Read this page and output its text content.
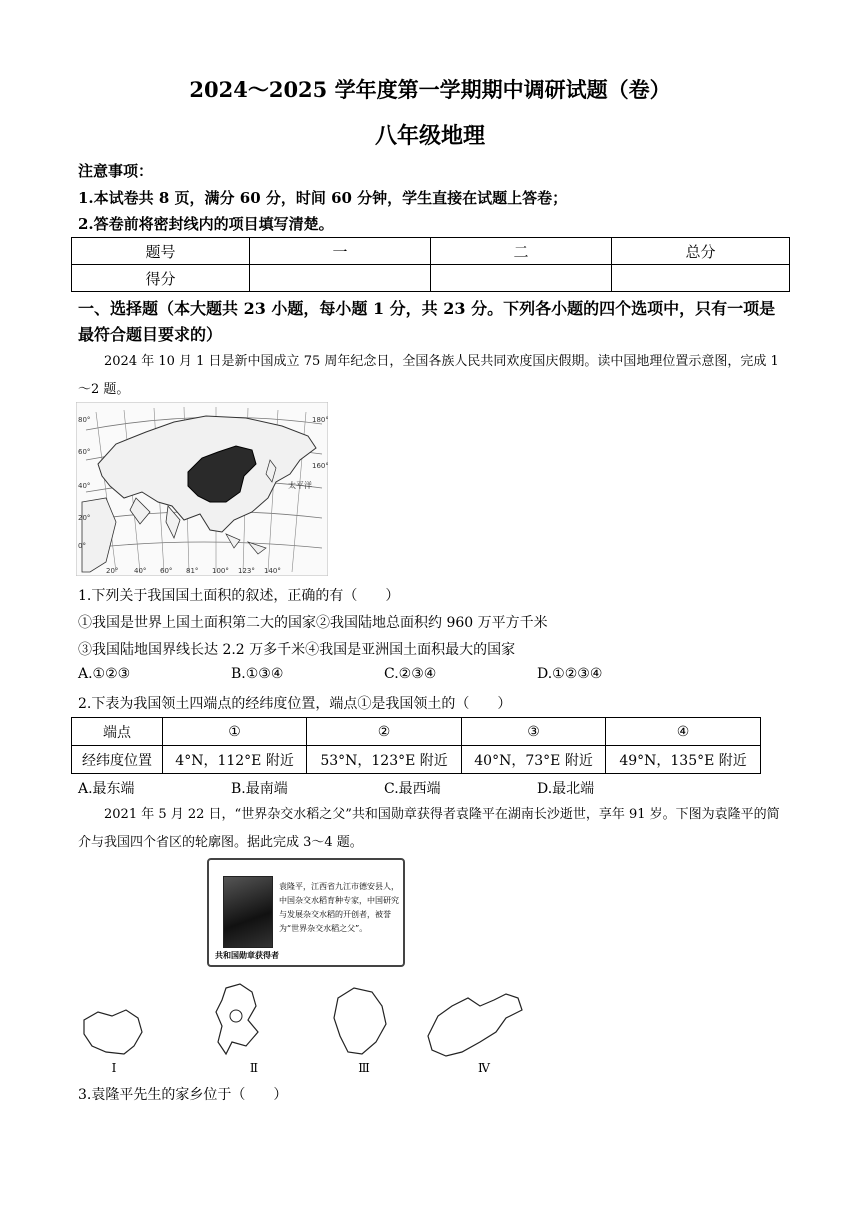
2024～2025 学年度第一学期期中调研试题（卷）
八年级地理
注意事项：
1.本试卷共 8 页，满分 60 分，时间 60 分钟，学生直接在试题上答卷；
2.答卷前将密封线内的项目填写清楚。
题号	一	二	总分
得分			
一、选择题（本大题共 23 小题，每小题 1 分，共 23 分。下列各小题的四个选项中，只有一项是最符合题目要求的）
2024 年 10 月 1 日是新中国成立 75 周年纪念日，全国各族人民共同欢度国庆假期。读中国地理位置示意图，完成 1～2 题。
80°
60°
40°
20°
0°
180°
160°
太平洋
20° 40° 60° 81° 100° 123° 140°
1.下列关于我国国土面积的叙述，正确的有（　　）
①我国是世界上国土面积第二大的国家②我国陆地总面积约 960 万平方千米
③我国陆地国界线长达 2.2 万多千米④我国是亚洲国土面积最大的国家
A.①②③	B.①③④	C.②③④	D.①②③④
2.下表为我国领土四端点的经纬度位置，端点①是我国领土的（　　）
端点	①	②	③	④
经纬度位置	4°N，112°E 附近	53°N，123°E 附近	40°N，73°E 附近	49°N，135°E 附近
A.最东端	B.最南端	C.最西端	D.最北端
2021 年 5 月 22 日，“世界杂交水稻之父”共和国勋章获得者袁隆平在湖南长沙逝世，享年 91 岁。下图为袁隆平的简介与我国四个省区的轮廓图。据此完成 3～4 题。
袁隆平，江西省九江市德安县人，中国杂交水稻育种专家，中国研究与发展杂交水稻的开创者，被誉为“世界杂交水稻之父”。
共和国勋章获得者
Ⅰ	Ⅱ	Ⅲ	Ⅳ
3.袁隆平先生的家乡位于（　　）
